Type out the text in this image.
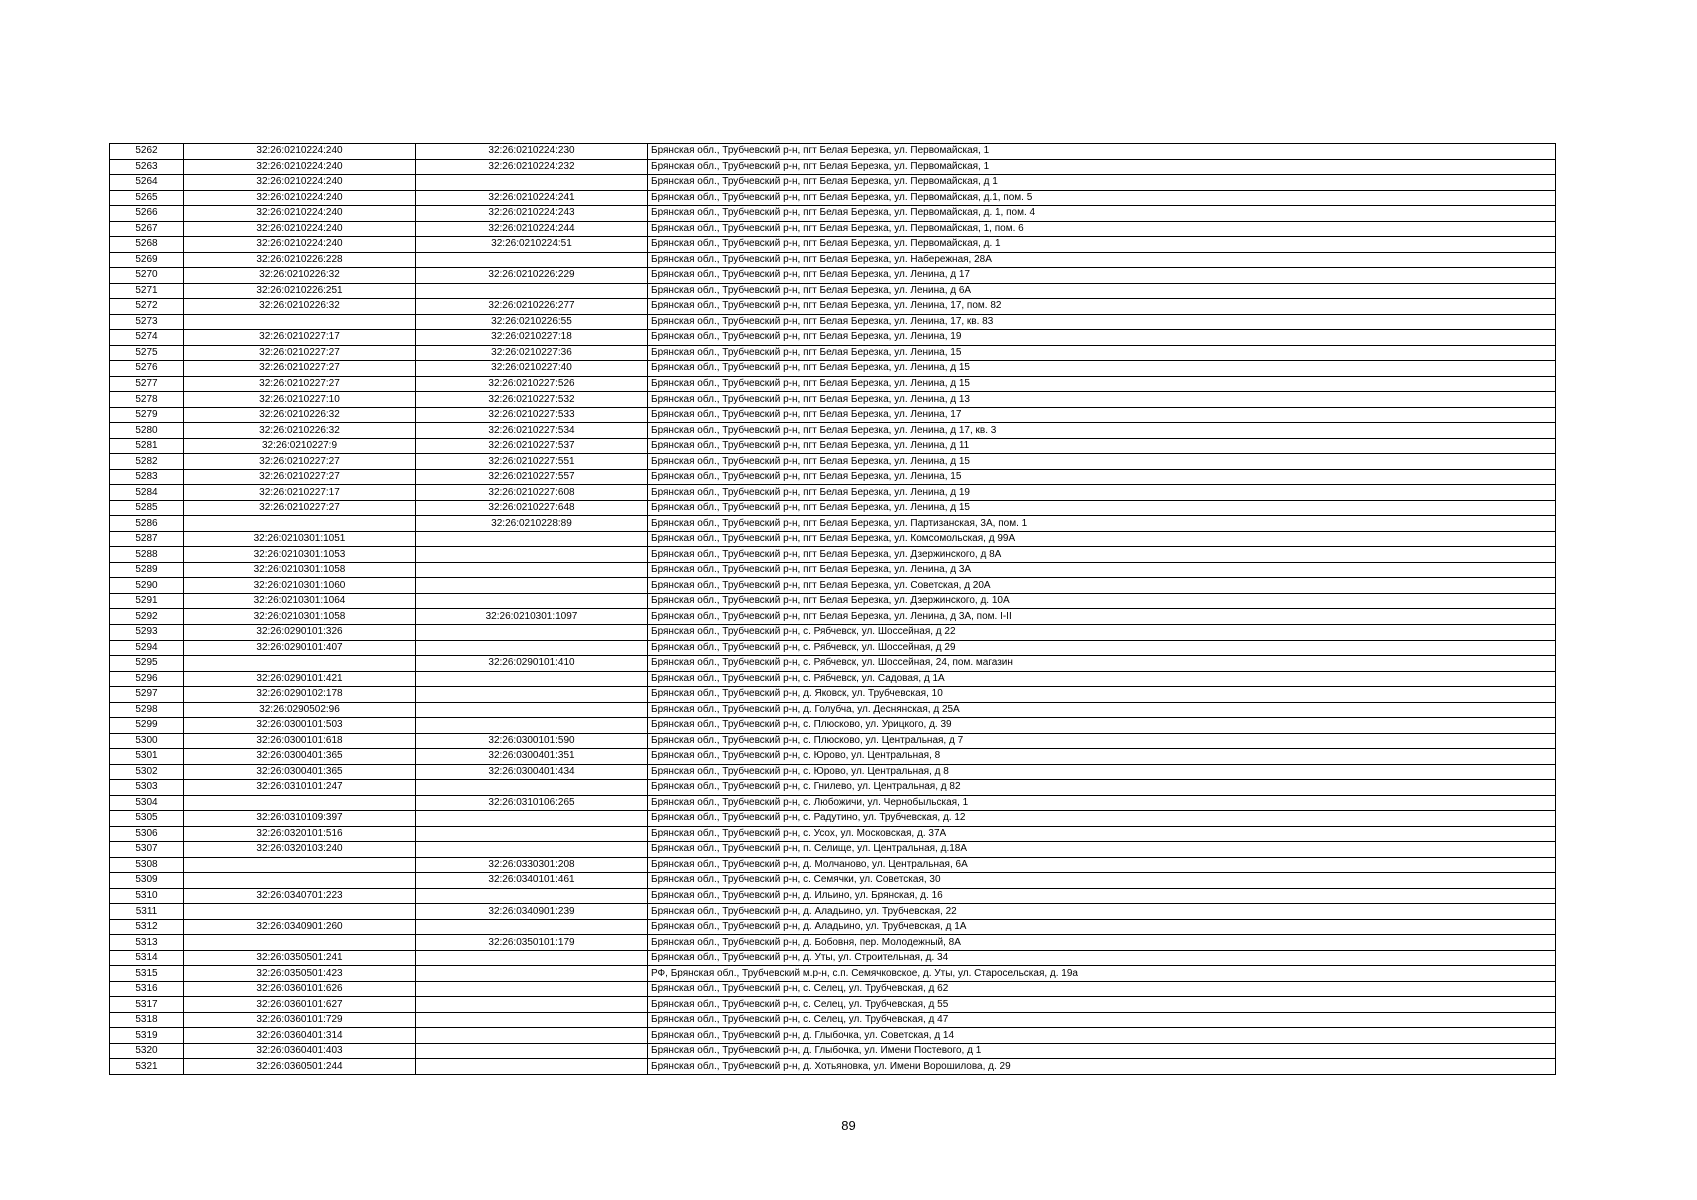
5262	32:26:0210224:240	32:26:0210224:230	Брянская обл., Трубчевский р-н, пгт Белая Березка, ул. Первомайская, 1
5263	32:26:0210224:240	32:26:0210224:232	Брянская обл., Трубчевский р-н, пгт Белая Березка, ул. Первомайская, 1
5264	32:26:0210224:240		Брянская обл., Трубчевский р-н, пгт Белая Березка, ул. Первомайская, д 1
5265	32:26:0210224:240	32:26:0210224:241	Брянская обл., Трубчевский р-н, пгт Белая Березка, ул. Первомайская, д.1, пом. 5
5266	32:26:0210224:240	32:26:0210224:243	Брянская обл., Трубчевский р-н, пгт Белая Березка, ул. Первомайская, д. 1, пом. 4
5267	32:26:0210224:240	32:26:0210224:244	Брянская обл., Трубчевский р-н, пгт Белая Березка, ул. Первомайская, 1, пом. 6
5268	32:26:0210224:240	32:26:0210224:51	Брянская обл., Трубчевский р-н, пгт Белая Березка, ул. Первомайская, д. 1
5269	32:26:0210226:228		Брянская обл., Трубчевский р-н, пгт Белая Березка, ул. Набережная, 28А
5270	32:26:0210226:32	32:26:0210226:229	Брянская обл., Трубчевский р-н, пгт Белая Березка, ул. Ленина, д 17
5271	32:26:0210226:251		Брянская обл., Трубчевский р-н, пгт Белая Березка, ул. Ленина, д 6А
5272	32:26:0210226:32	32:26:0210226:277	Брянская обл., Трубчевский р-н, пгт Белая Березка, ул. Ленина, 17, пом. 82
5273		32:26:0210226:55	Брянская обл., Трубчевский р-н, пгт Белая Березка, ул. Ленина, 17, кв. 83
5274	32:26:0210227:17	32:26:0210227:18	Брянская обл., Трубчевский р-н, пгт Белая Березка, ул. Ленина, 19
5275	32:26:0210227:27	32:26:0210227:36	Брянская обл., Трубчевский р-н, пгт Белая Березка, ул. Ленина, 15
5276	32:26:0210227:27	32:26:0210227:40	Брянская обл., Трубчевский р-н, пгт Белая Березка, ул. Ленина, д 15
5277	32:26:0210227:27	32:26:0210227:526	Брянская обл., Трубчевский р-н, пгт Белая Березка, ул. Ленина, д 15
5278	32:26:0210227:10	32:26:0210227:532	Брянская обл., Трубчевский р-н, пгт Белая Березка, ул. Ленина, д 13
5279	32:26:0210226:32	32:26:0210227:533	Брянская обл., Трубчевский р-н, пгт Белая Березка, ул. Ленина, 17
5280	32:26:0210226:32	32:26:0210227:534	Брянская обл., Трубчевский р-н, пгт Белая Березка, ул. Ленина, д 17, кв. 3
5281	32:26:0210227:9	32:26:0210227:537	Брянская обл., Трубчевский р-н, пгт Белая Березка, ул. Ленина, д 11
5282	32:26:0210227:27	32:26:0210227:551	Брянская обл., Трубчевский р-н, пгт Белая Березка, ул. Ленина, д 15
5283	32:26:0210227:27	32:26:0210227:557	Брянская обл., Трубчевский р-н, пгт Белая Березка, ул. Ленина, 15
5284	32:26:0210227:17	32:26:0210227:608	Брянская обл., Трубчевский р-н, пгт Белая Березка, ул. Ленина, д 19
5285	32:26:0210227:27	32:26:0210227:648	Брянская обл., Трубчевский р-н, пгт Белая Березка, ул. Ленина, д 15
5286		32:26:0210228:89	Брянская обл., Трубчевский р-н, пгт Белая Березка, ул. Партизанская, 3А, пом. 1
5287	32:26:0210301:1051		Брянская обл., Трубчевский р-н, пгт Белая Березка, ул. Комсомольская, д 99А
5288	32:26:0210301:1053		Брянская обл., Трубчевский р-н, пгт Белая Березка, ул. Дзержинского, д 8А
5289	32:26:0210301:1058		Брянская обл., Трубчевский р-н, пгт Белая Березка, ул. Ленина, д 3А
5290	32:26:0210301:1060		Брянская обл., Трубчевский р-н, пгт Белая Березка, ул. Советская, д 20А
5291	32:26:0210301:1064		Брянская обл., Трубчевский р-н, пгт Белая Березка, ул. Дзержинского, д. 10А
5292	32:26:0210301:1058	32:26:0210301:1097	Брянская обл., Трубчевский р-н, пгт Белая Березка, ул. Ленина, д 3А, пом. I-II
5293	32:26:0290101:326		Брянская обл., Трубчевский р-н, с. Рябчевск, ул. Шоссейная, д 22
5294	32:26:0290101:407		Брянская обл., Трубчевский р-н, с. Рябчевск, ул. Шоссейная, д 29
5295		32:26:0290101:410	Брянская обл., Трубчевский р-н, с. Рябчевск, ул. Шоссейная, 24, пом. магазин
5296	32:26:0290101:421		Брянская обл., Трубчевский р-н, с. Рябчевск, ул. Садовая, д 1А
5297	32:26:0290102:178		Брянская обл., Трубчевский р-н, д. Яковск, ул. Трубчевская, 10
5298	32:26:0290502:96		Брянская обл., Трубчевский р-н, д. Голубча, ул. Деснянская, д 25А
5299	32:26:0300101:503		Брянская обл., Трубчевский р-н, с. Плюсково, ул. Урицкого, д. 39
5300	32:26:0300101:618	32:26:0300101:590	Брянская обл., Трубчевский р-н, с. Плюсково, ул. Центральная, д 7
5301	32:26:0300401:365	32:26:0300401:351	Брянская обл., Трубчевский р-н, с. Юрово, ул. Центральная, 8
5302	32:26:0300401:365	32:26:0300401:434	Брянская обл., Трубчевский р-н, с. Юрово, ул. Центральная, д 8
5303	32:26:0310101:247		Брянская обл., Трубчевский р-н, с. Гнилево, ул. Центральная, д 82
5304		32:26:0310106:265	Брянская обл., Трубчевский р-н, с. Любожичи, ул. Чернобыльская, 1
5305	32:26:0310109:397		Брянская обл., Трубчевский р-н, с. Радутино, ул. Трубчевская, д. 12
5306	32:26:0320101:516		Брянская обл., Трубчевский р-н, с. Усох, ул. Московская, д. 37А
5307	32:26:0320103:240		Брянская обл., Трубчевский р-н, п. Селище, ул. Центральная, д.18А
5308		32:26:0330301:208	Брянская обл., Трубчевский р-н, д. Молчаново, ул. Центральная, 6А
5309		32:26:0340101:461	Брянская обл., Трубчевский р-н, с. Семячки, ул. Советская, 30
5310	32:26:0340701:223		Брянская обл., Трубчевский р-н, д. Ильино, ул. Брянская, д. 16
5311		32:26:0340901:239	Брянская обл., Трубчевский р-н, д. Аладьино, ул. Трубчевская, 22
5312	32:26:0340901:260		Брянская обл., Трубчевский р-н, д. Аладьино, ул. Трубчевская, д 1А
5313		32:26:0350101:179	Брянская обл., Трубчевский р-н, д. Бобовня, пер. Молодежный, 8А
5314	32:26:0350501:241		Брянская обл., Трубчевский р-н, д. Уты, ул. Строительная, д. 34
5315	32:26:0350501:423		РФ, Брянская обл., Трубчевский м.р-н, с.п. Семячковское, д. Уты, ул. Старосельская, д. 19а
5316	32:26:0360101:626		Брянская обл., Трубчевский р-н, с. Селец, ул. Трубчевская, д 62
5317	32:26:0360101:627		Брянская обл., Трубчевский р-н, с. Селец, ул. Трубчевская, д 55
5318	32:26:0360101:729		Брянская обл., Трубчевский р-н, с. Селец, ул. Трубчевская, д 47
5319	32:26:0360401:314		Брянская обл., Трубчевский р-н, д. Глыбочка, ул. Советская, д 14
5320	32:26:0360401:403		Брянская обл., Трубчевский р-н, д. Глыбочка, ул. Имени Постевого, д 1
5321	32:26:0360501:244		Брянская обл., Трубчевский р-н, д. Хотьяновка, ул. Имени Ворошилова, д. 29
89
